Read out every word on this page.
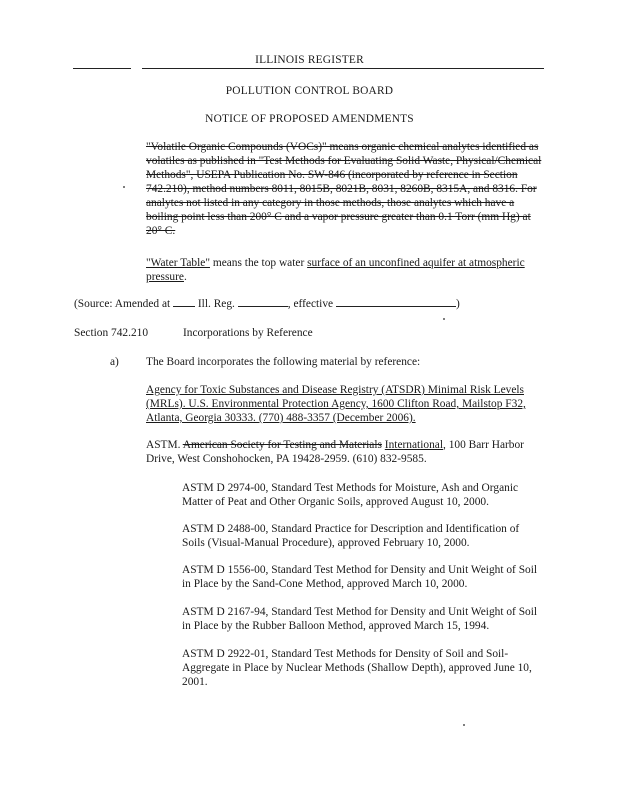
ILLINOIS REGISTER
POLLUTION CONTROL BOARD
NOTICE OF PROPOSED AMENDMENTS

"Volatile Organic Compounds (VOCs)" means organic chemical analytes identified as volatiles as published in "Test Methods for Evaluating Solid Waste, Physical/Chemical Methods", USEPA Publication No. SW-846 (incorporated by reference in Section 742.210), method numbers 8011, 8015B, 8021B, 8031, 8260B, 8315A, and 8316. For analytes not listed in any category in those methods, those analytes which have a boiling point less than 200° C and a vapor pressure greater than 0.1 Torr (mm Hg) at 20° C.

"Water Table" means the top water surface of an unconfined aquifer at atmospheric pressure.

(Source: Amended at Ill. Reg.	, effective	)
Section 742.210	Incorporations by Reference
a) The Board incorporates the following material by reference:

Agency for Toxic Substances and Disease Registry (ATSDR) Minimal Risk Levels (MRLs). U.S. Environmental Protection Agency, 1600 Clifton Road, Mailstop F32, Atlanta, Georgia 30333. (770) 488-3357 (December 2006).

ASTM. American Society for Testing and Materials International, 100 Barr Harbor Drive, West Conshohocken, PA 19428-2959. (610) 832-9585.

ASTM D 2974-00, Standard Test Methods for Moisture, Ash and Organic Matter of Peat and Other Organic Soils, approved August 10, 2000.
ASTM D 2488-00, Standard Practice for Description and Identification of Soils (Visual-Manual Procedure), approved February 10, 2000.
ASTM D 1556-00, Standard Test Method for Density and Unit Weight of Soil in Place by the Sand-Cone Method, approved March 10, 2000.
ASTM D 2167-94, Standard Test Method for Density and Unit Weight of Soil in Place by the Rubber Balloon Method, approved March 15, 1994.
ASTM D 2922-01, Standard Test Methods for Density of Soil and Soil-Aggregate in Place by Nuclear Methods (Shallow Depth), approved June 10, 2001.
